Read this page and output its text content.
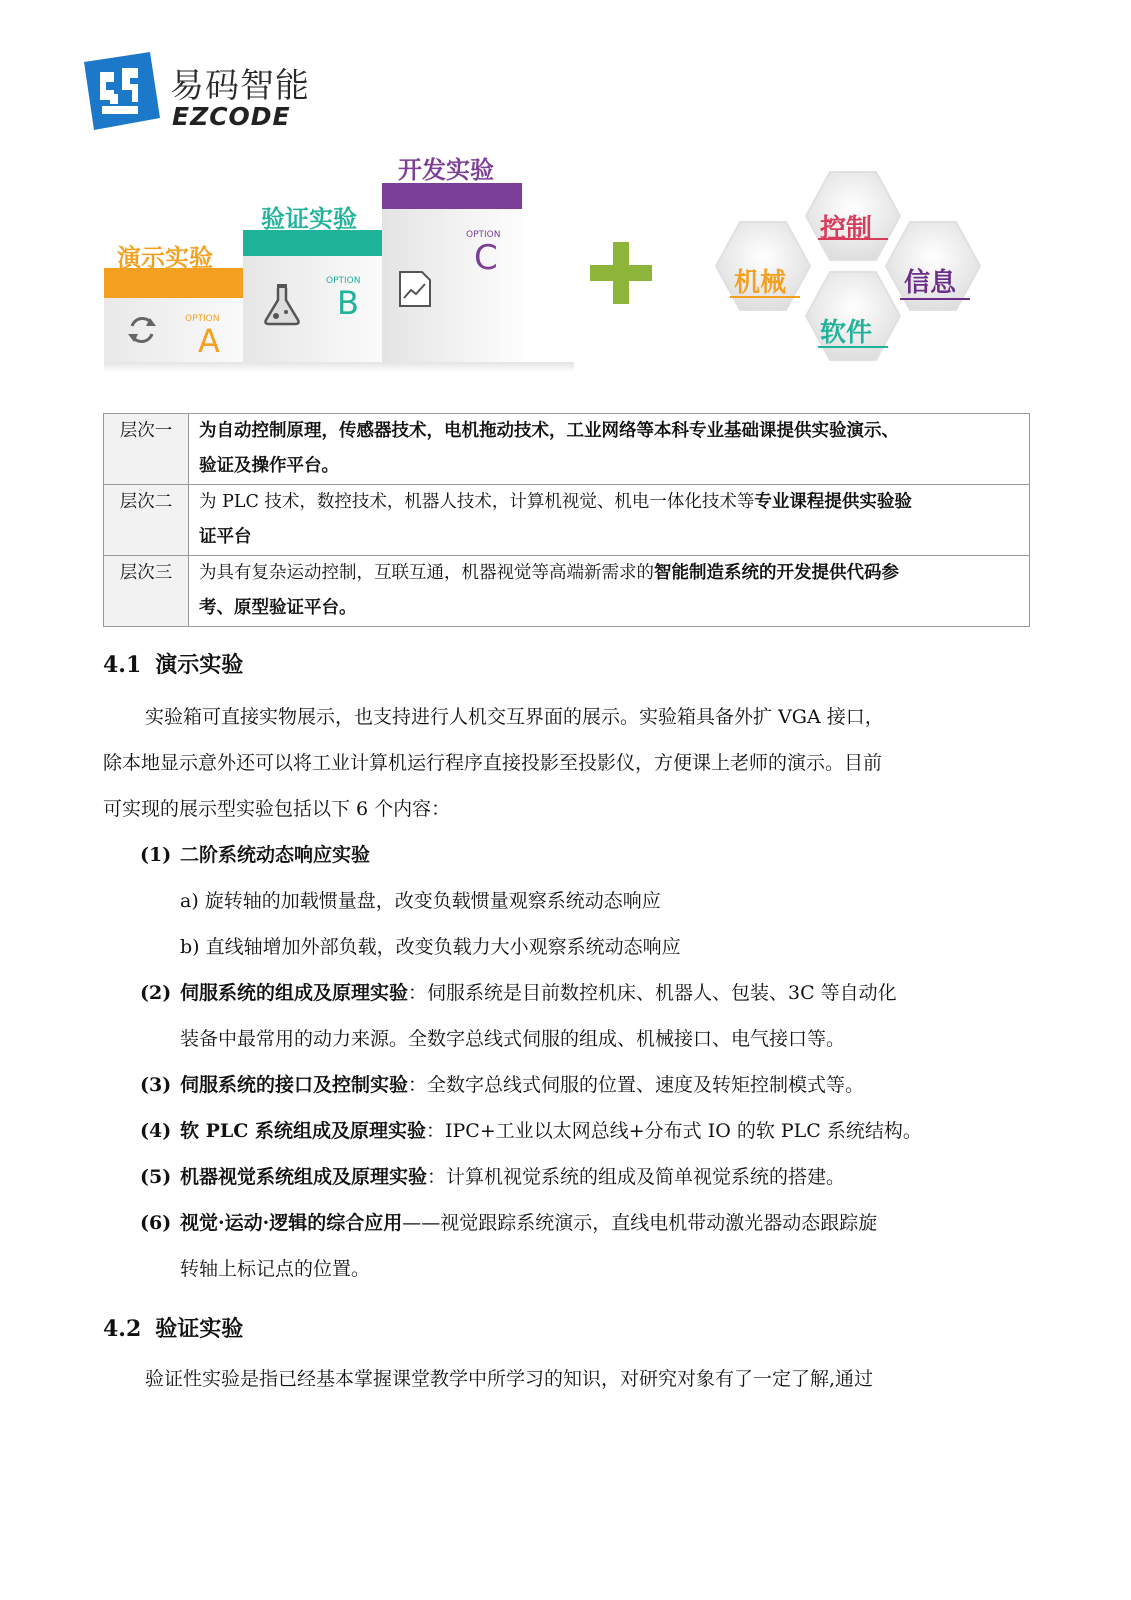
易码智能
EZCODE
演示实验
OPTION
A
验证实验
OPTION
B
开发实验
OPTION
C
控制
机械	信息
软件
层次一	为自动控制原理，传感器技术，电机拖动技术，工业网络等本科专业基础课提供实验演示、
验证及操作平台。
层次二	为 PLC 技术，数控技术，机器人技术，计算机视觉、机电一体化技术等专业课程提供实验验
证平台
层次三	为具有复杂运动控制，互联互通，机器视觉等高端新需求的智能制造系统的开发提供代码参
考、原型验证平台。
4.1 演示实验
实验箱可直接实物展示，也支持进行人机交互界面的展示。实验箱具备外扩 VGA 接口，
除本地显示意外还可以将工业计算机运行程序直接投影至投影仪，方便课上老师的演示。目前
可实现的展示型实验包括以下 6 个内容：
(1) 二阶系统动态响应实验
a) 旋转轴的加载惯量盘，改变负载惯量观察系统动态响应
b) 直线轴增加外部负载，改变负载力大小观察系统动态响应
(2) 伺服系统的组成及原理实验：伺服系统是目前数控机床、机器人、包装、3C 等自动化
装备中最常用的动力来源。全数字总线式伺服的组成、机械接口、电气接口等。
(3) 伺服系统的接口及控制实验：全数字总线式伺服的位置、速度及转矩控制模式等。
(4) 软 PLC 系统组成及原理实验：IPC+工业以太网总线+分布式 IO 的软 PLC 系统结构。
(5) 机器视觉系统组成及原理实验：计算机视觉系统的组成及简单视觉系统的搭建。
(6) 视觉·运动·逻辑的综合应用——视觉跟踪系统演示，直线电机带动激光器动态跟踪旋
转轴上标记点的位置。
4.2 验证实验
验证性实验是指已经基本掌握课堂教学中所学习的知识，对研究对象有了一定了解,通过
